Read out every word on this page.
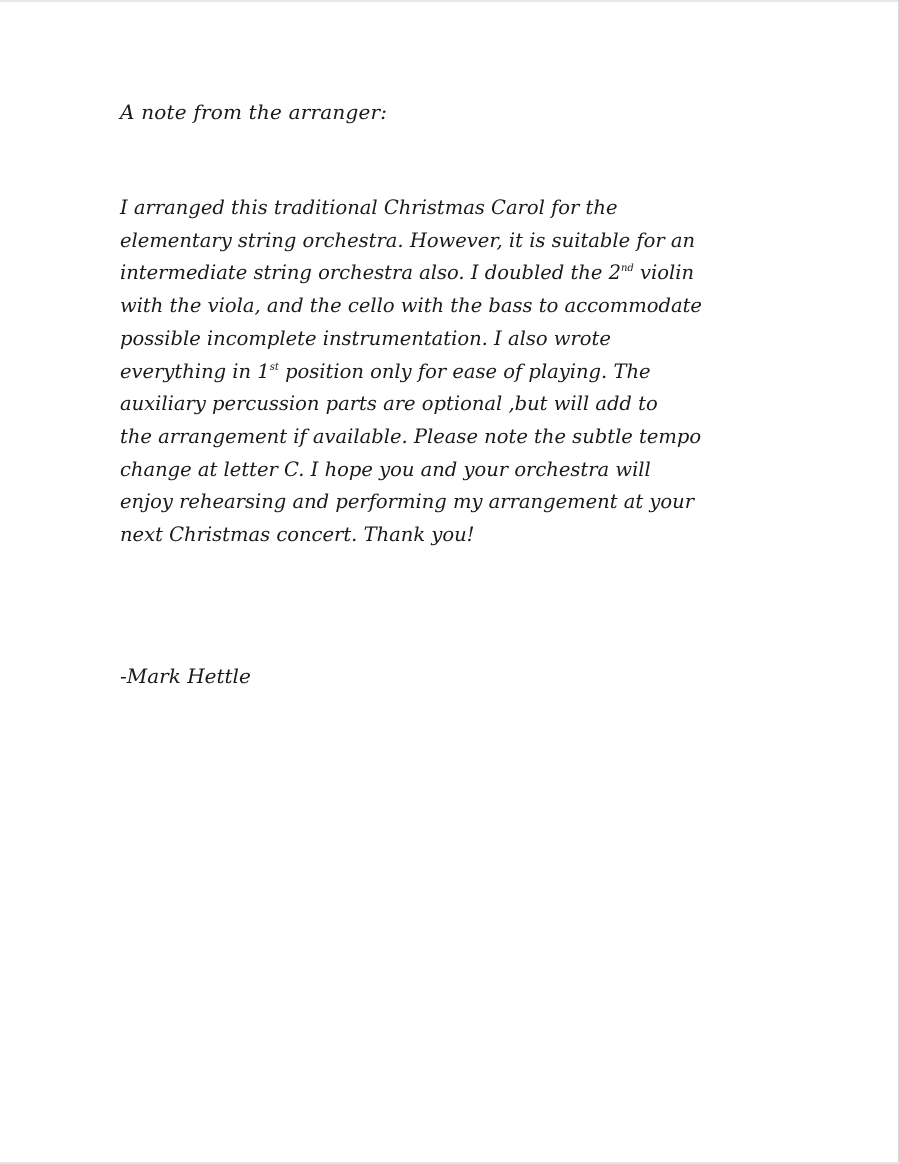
A note from the arranger:
I arranged this traditional Christmas Carol for the
elementary string orchestra. However, it is suitable for an
intermediate string orchestra also. I doubled the 2nd violin
with the viola, and the cello with the bass to accommodate
possible incomplete instrumentation. I also wrote
everything in 1st position only for ease of playing. The
auxiliary percussion parts are optional ,but will add to
the arrangement if available. Please note the subtle tempo
change at letter C. I hope you and your orchestra will
enjoy rehearsing and performing my arrangement at your
next Christmas concert. Thank you!

-Mark Hettle
